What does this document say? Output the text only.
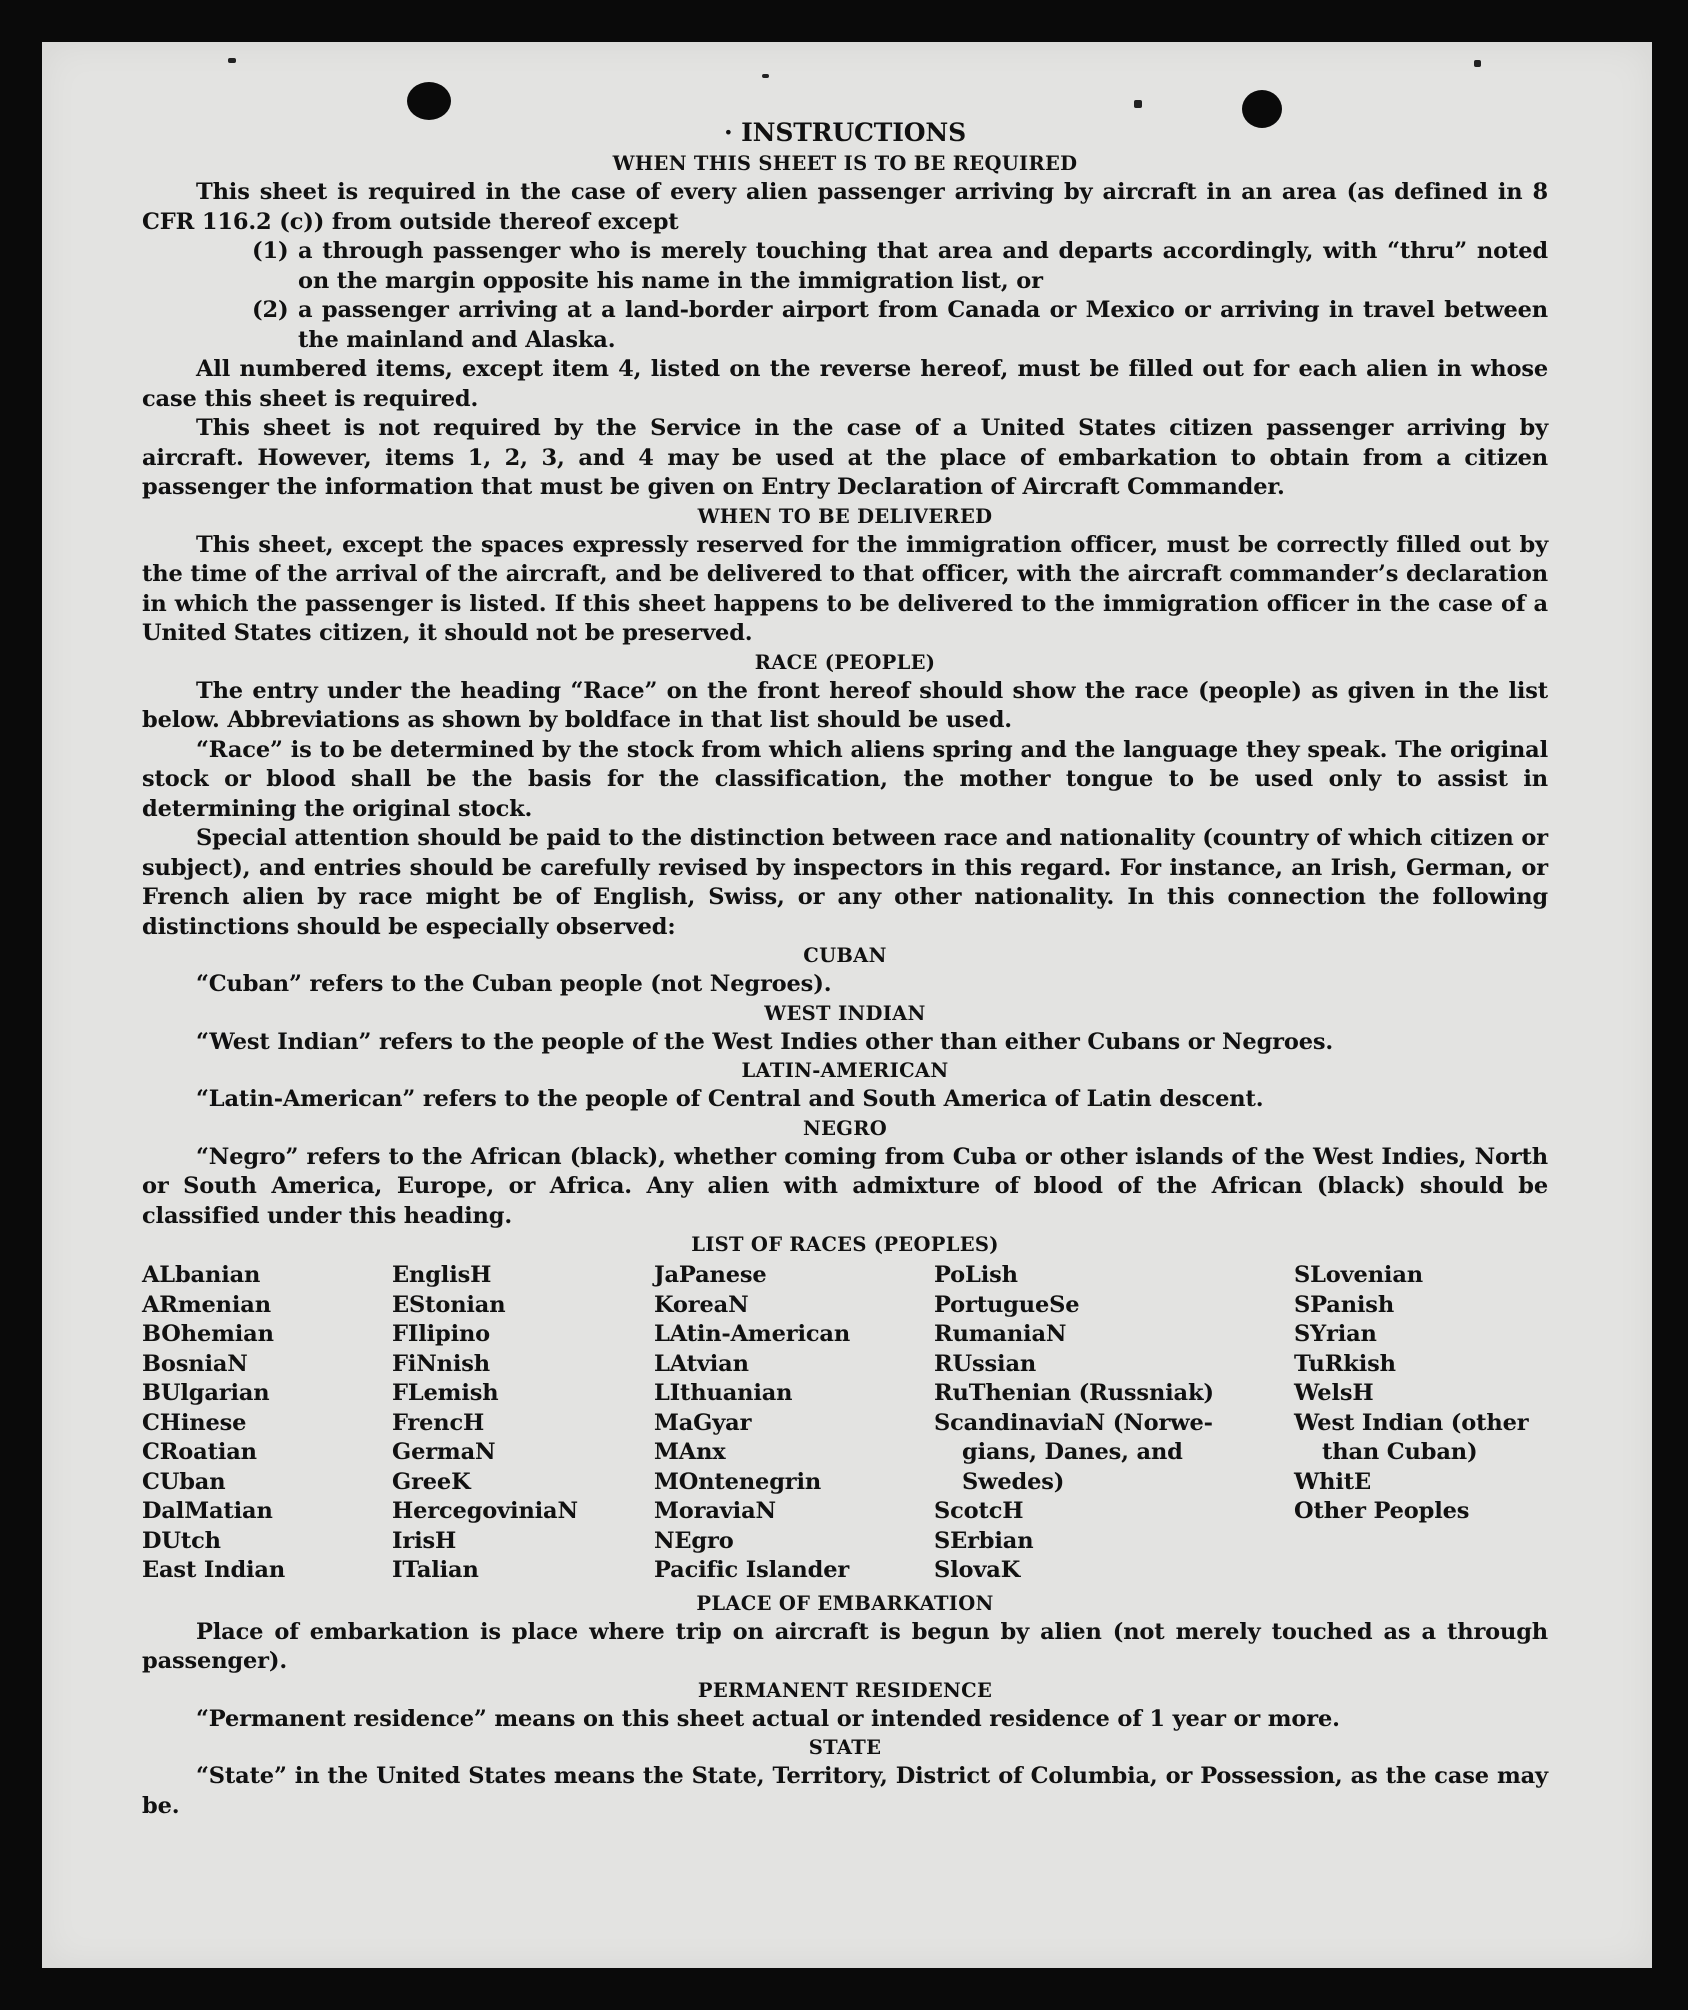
· INSTRUCTIONS

WHEN THIS SHEET IS TO BE REQUIRED

This sheet is required in the case of every alien passenger arriving by aircraft in an area (as defined in 8 CFR 116.2 (c)) from outside thereof except

(1) a through passenger who is merely touching that area and departs accordingly, with “thru” noted on the margin opposite his name in the immigration list, or
(2) a passenger arriving at a land-border airport from Canada or Mexico or arriving in travel between the mainland and Alaska.

All numbered items, except item 4, listed on the reverse hereof, must be filled out for each alien in whose case this sheet is required.

This sheet is not required by the Service in the case of a United States citizen passenger arriving by aircraft. However, items 1, 2, 3, and 4 may be used at the place of embarkation to obtain from a citizen passenger the information that must be given on Entry Declaration of Aircraft Commander.

WHEN TO BE DELIVERED

This sheet, except the spaces expressly reserved for the immigration officer, must be correctly filled out by the time of the arrival of the aircraft, and be delivered to that officer, with the aircraft commander’s declaration in which the passenger is listed. If this sheet happens to be delivered to the immigration officer in the case of a United States citizen, it should not be preserved.

RACE (PEOPLE)

The entry under the heading “Race” on the front hereof should show the race (people) as given in the list below. Abbreviations as shown by boldface in that list should be used.

“Race” is to be determined by the stock from which aliens spring and the language they speak. The original stock or blood shall be the basis for the classification, the mother tongue to be used only to assist in determining the original stock.

Special attention should be paid to the distinction between race and nationality (country of which citizen or subject), and entries should be carefully revised by inspectors in this regard. For instance, an Irish, German, or French alien by race might be of English, Swiss, or any other nationality. In this connection the following distinctions should be especially observed:

CUBAN

“Cuban” refers to the Cuban people (not Negroes).

WEST INDIAN

“West Indian” refers to the people of the West Indies other than either Cubans or Negroes.

LATIN-AMERICAN

“Latin-American” refers to the people of Central and South America of Latin descent.

NEGRO

“Negro” refers to the African (black), whether coming from Cuba or other islands of the West Indies, North or South America, Europe, or Africa. Any alien with admixture of blood of the African (black) should be classified under this heading.

LIST OF RACES (PEOPLES)

ALbanian
ARmenian
BOhemian
BosniaN
BUlgarian
CHinese
CRoatian
CUban
DalMatian
DUtch
East Indian
EnglisH
EStonian
FIlipino
FiNnish
FLemish
FrencH
GermaN
GreeK
HercegoviniaN
IrisH
ITalian
JaPanese
KoreaN
LAtin-American
LAtvian
LIthuanian
MaGyar
MAnx
MOntenegrin
MoraviaN
NEgro
Pacific Islander
PoLish
PortugueSe
RumaniaN
RUssian
RuThenian (Russniak)
ScandinaviaN (Norwe-
gians, Danes, and
Swedes)
ScotcH
SErbian
SlovaK
SLovenian
SPanish
SYrian
TuRkish
WelsH
West Indian (other
than Cuban)
WhitE
Other Peoples

PLACE OF EMBARKATION

Place of embarkation is place where trip on aircraft is begun by alien (not merely touched as a through passenger).

PERMANENT RESIDENCE

“Permanent residence” means on this sheet actual or intended residence of 1 year or more.

STATE

“State” in the United States means the State, Territory, District of Columbia, or Possession, as the case may be.
